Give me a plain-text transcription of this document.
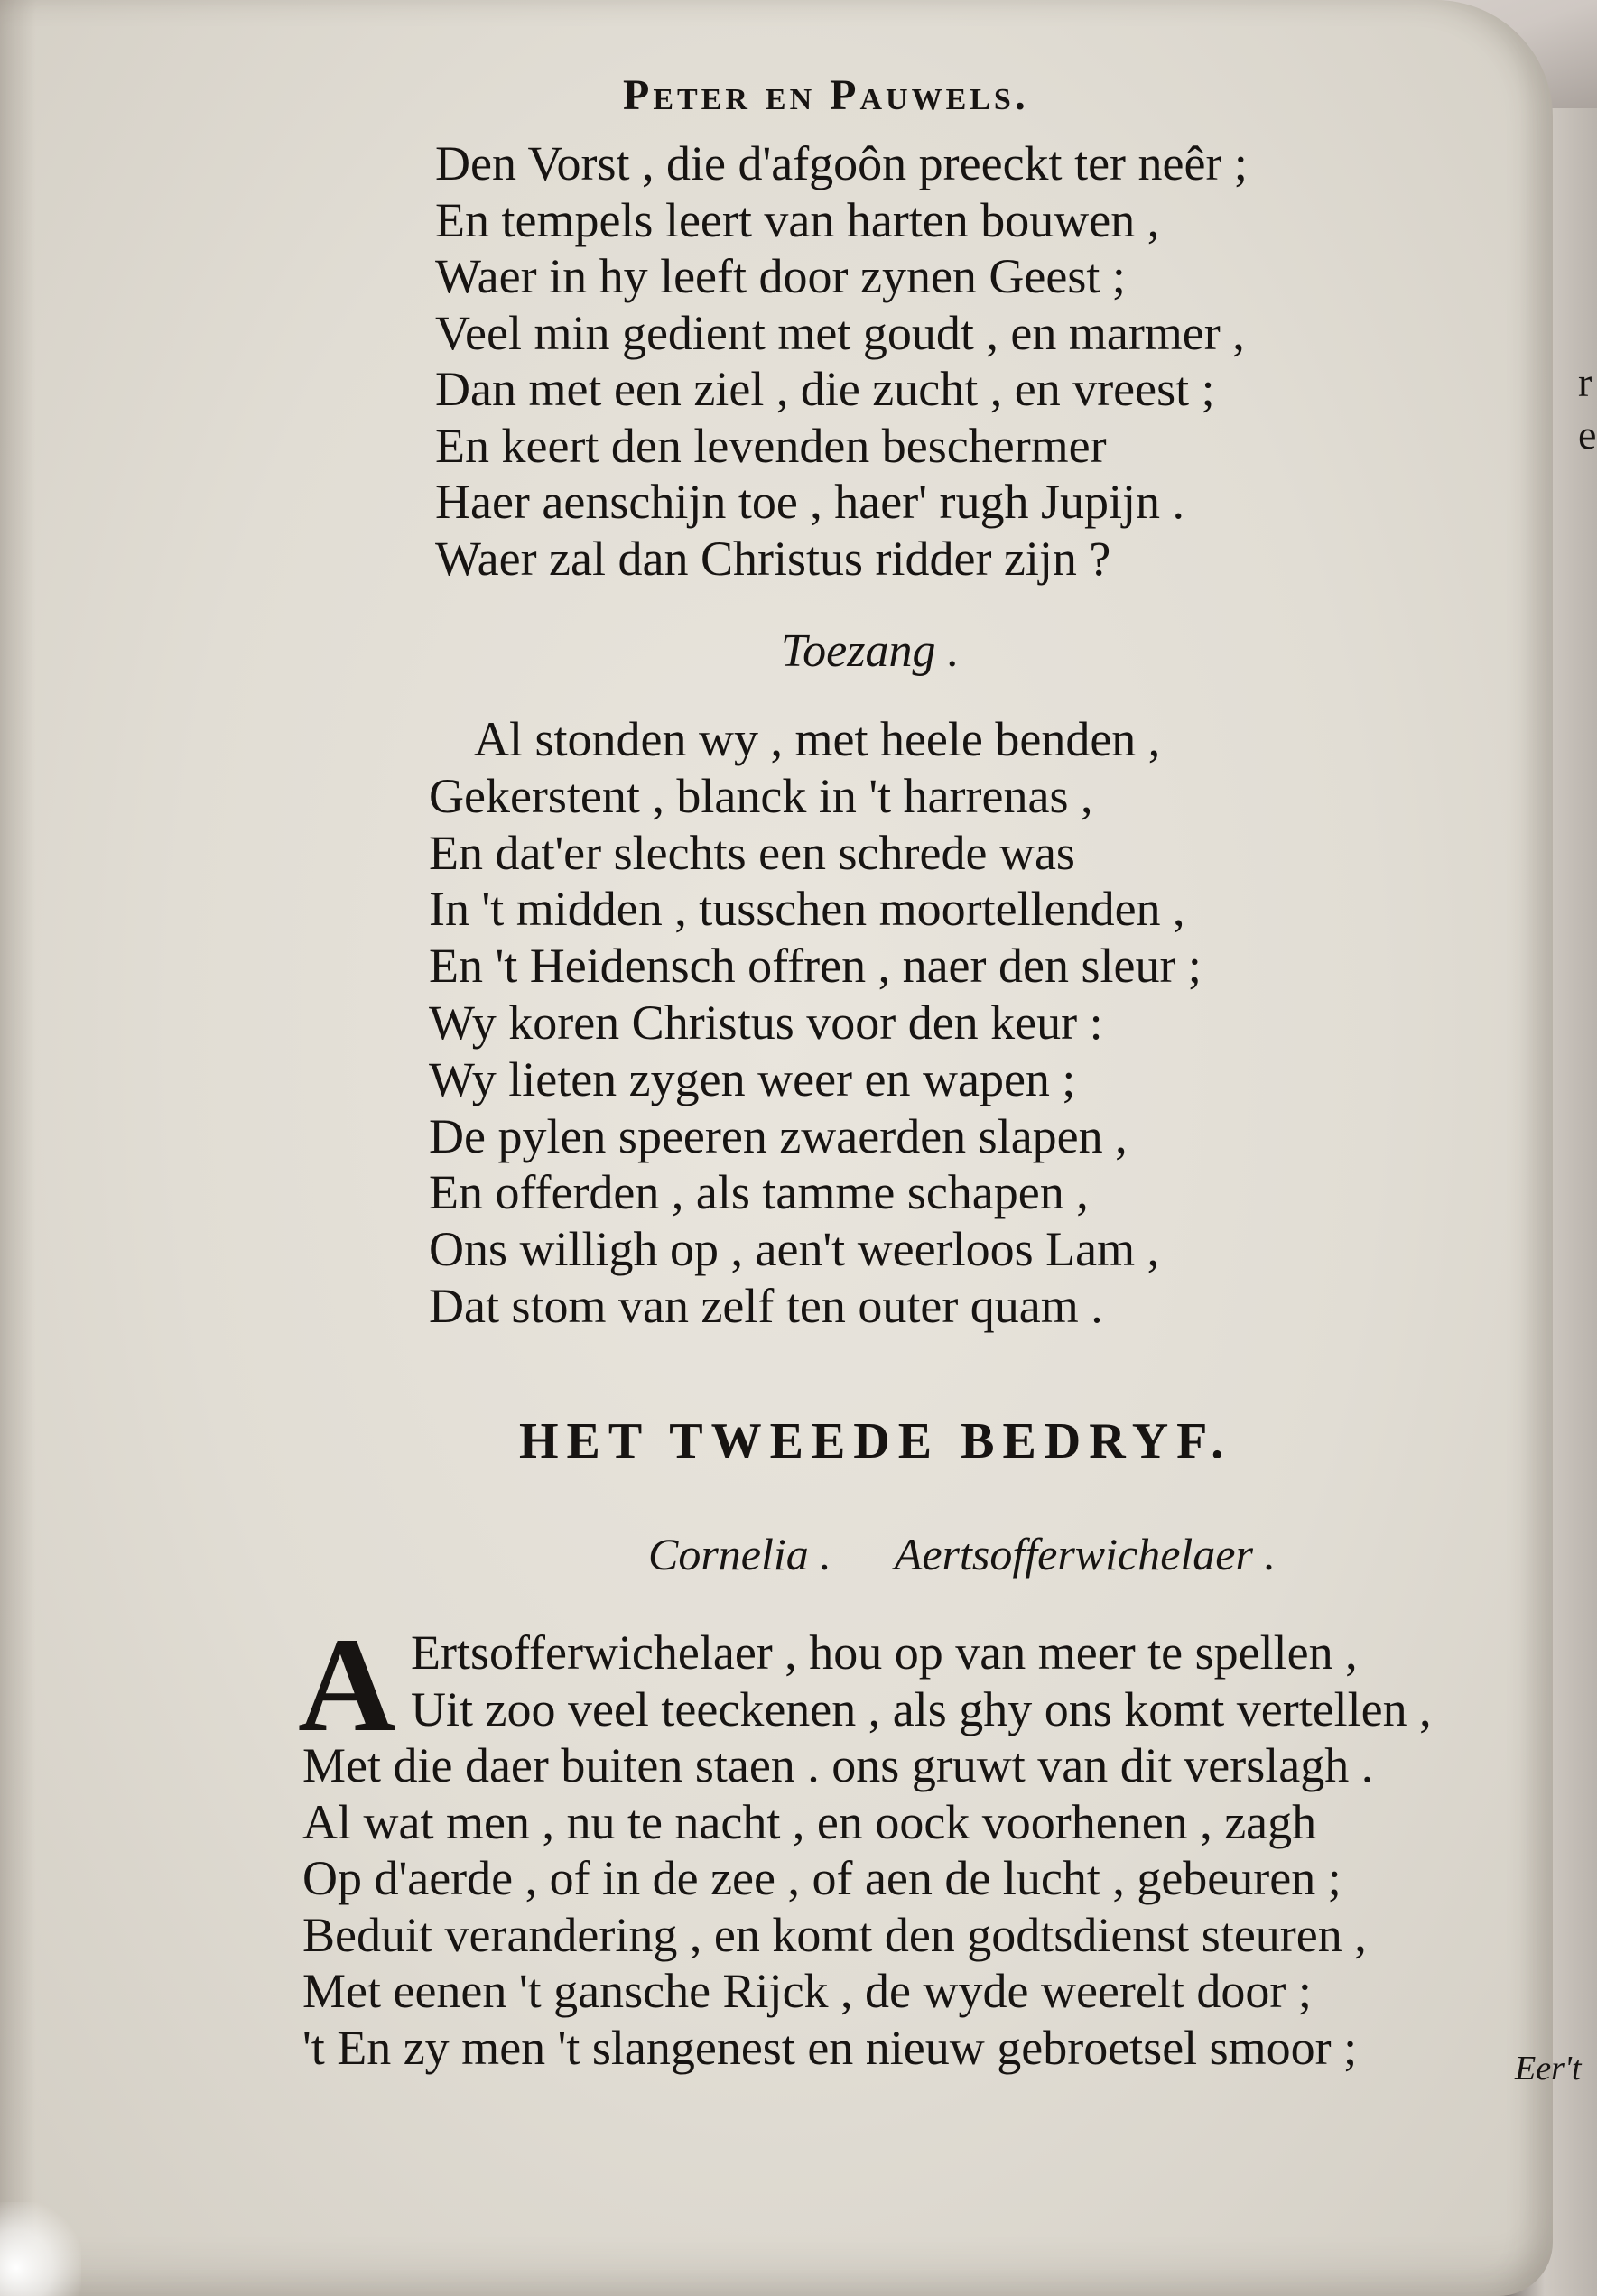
r
e
Peter en Pauwels.
Den Vorst , die d'afgoôn preeckt ter neêr ;
En tempels leert van harten bouwen ,
Waer in hy leeft door zynen Geest ;
Veel min gedient met goudt , en marmer ,
Dan met een ziel , die zucht , en vreest ;
En keert den levenden beschermer
Haer aenschijn toe , haer' rugh Jupijn .
Waer zal dan Christus ridder zijn ?
Toezang .
Al stonden wy , met heele benden ,
Gekerstent , blanck in 't harrenas ,
En dat'er slechts een schrede was
In 't midden , tusschen moortellenden ,
En 't Heidensch offren , naer den sleur ;
Wy koren Christus voor den keur :
Wy lieten zygen weer en wapen ;
De pylen speeren zwaerden slapen ,
En offerden , als tamme schapen ,
Ons willigh op , aen't weerloos Lam ,
Dat stom van zelf ten outer quam .
HET TWEEDE BEDRYF.
Cornelia . Aertsofferwichelaer .
A Ertsofferwichelaer , hou op van meer te spellen ,
Uit zoo veel teeckenen , als ghy ons komt vertellen ,
Met die daer buiten staen . ons gruwt van dit verslagh .
Al wat men , nu te nacht , en oock voorhenen , zagh
Op d'aerde , of in de zee , of aen de lucht , gebeuren ;
Beduit verandering , en komt den godtsdienst steuren ,
Met eenen 't gansche Rijck , de wyde weerelt door ;
't En zy men 't slangenest en nieuw gebroetsel smoor ;	Eer't
